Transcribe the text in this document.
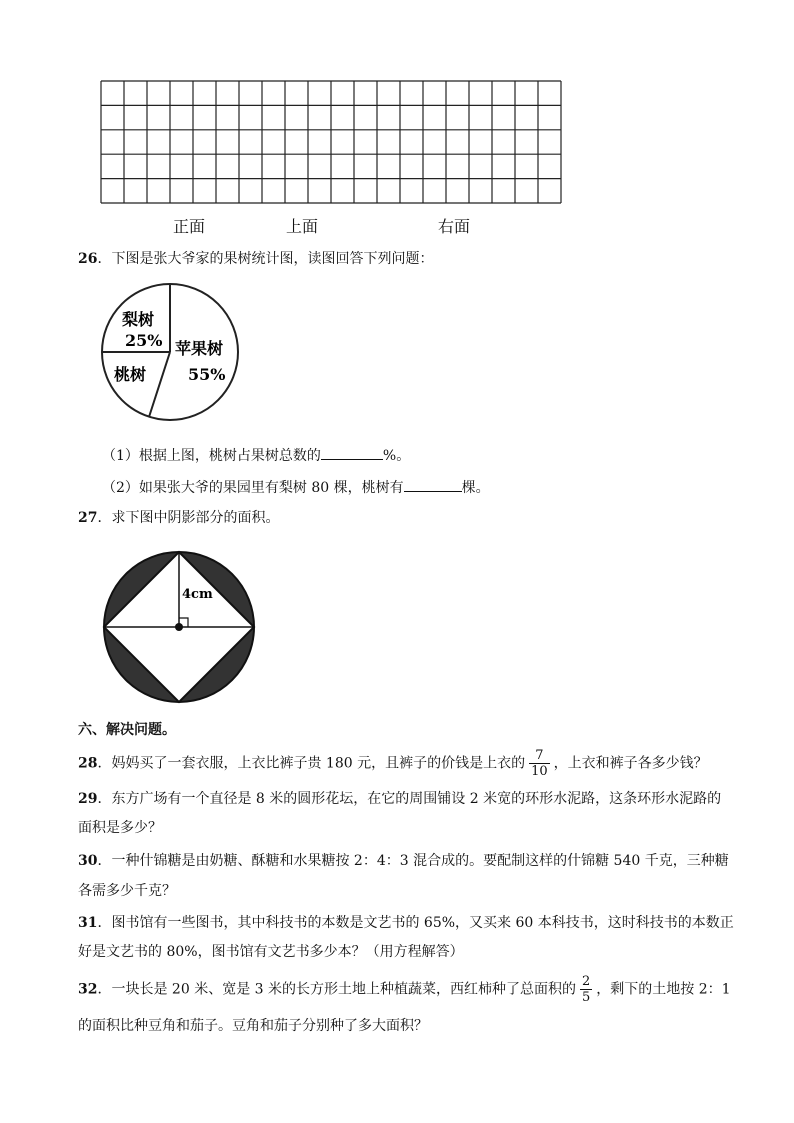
正面	上面	右面
26．下图是张大爷家的果树统计图，读图回答下列问题：
梨树
25% 苹果树
55%
桃树
（1）根据上图，桃树占果树总数的	%。
（2）如果张大爷的果园里有梨树 80 棵，桃树有	棵。
27．求下图中阴影部分的面积。
4cm
六、解决问题。
28．妈妈买了一套衣服，上衣比裤子贵 180 元，且裤子的价钱是上衣的 $\frac{7}{10}$ ，上衣和裤子各多少钱？
29．东方广场有一个直径是 8 米的圆形花坛，在它的周围铺设 2 米宽的环形水泥路，这条环形水泥路的
面积是多少？
30．一种什锦糖是由奶糖、酥糖和水果糖按 2：4：3 混合成的。要配制这样的什锦糖 540 千克，三种糖
各需多少千克？
31．图书馆有一些图书，其中科技书的本数是文艺书的 65%，又买来 60 本科技书，这时科技书的本数正
好是文艺书的 80%，图书馆有文艺书多少本？（用方程解答）
32．一块长是 20 米、宽是 3 米的长方形土地上种植蔬菜，西红柿种了总面积的 $\frac{2}{5}$ ，剩下的土地按 2：1
的面积比种豆角和茄子。豆角和茄子分别种了多大面积？
